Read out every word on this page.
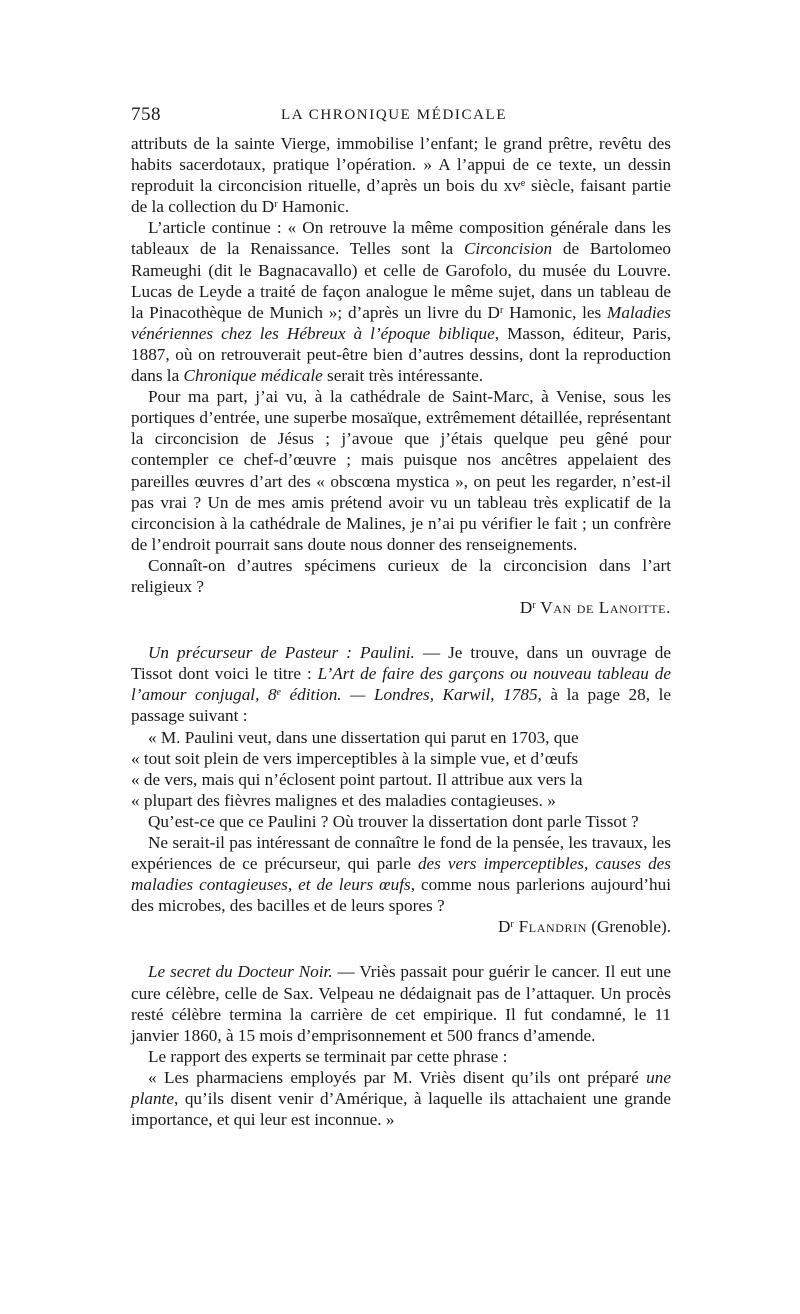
758	LA CHRONIQUE MÉDICALE

attributs de la sainte Vierge, immobilise l’enfant; le grand prêtre, revêtu des habits sacerdotaux, pratique l’opération. » A l’appui de ce texte, un dessin reproduit la circoncision rituelle, d’après un bois du $xv^e$ siècle, faisant partie de la collection du $D^r$ Hamonic.

L’article continue : « On retrouve la même composition générale dans les tableaux de la Renaissance. Telles sont la Circoncision de Bartolomeo Rameughi (dit le Bagnacavallo) et celle de Garofolo, du musée du Louvre. Lucas de Leyde a traité de façon analogue le même sujet, dans un tableau de la Pinacothèque de Munich »; d’après un livre du $D^r$ Hamonic, les Maladies vénériennes chez les Hébreux à l’époque biblique, Masson, éditeur, Paris, 1887, où on retrouverait peut-être bien d’autres dessins, dont la reproduction dans la Chronique médicale serait très intéressante.

Pour ma part, j’ai vu, à la cathédrale de Saint-Marc, à Venise, sous les portiques d’entrée, une superbe mosaïque, extrêmement détaillée, représentant la circoncision de Jésus ; j’avoue que j’étais quelque peu gêné pour contempler ce chef-d’œuvre ; mais puisque nos ancêtres appelaient des pareilles œuvres d’art des « obscœna mystica », on peut les regarder, n’est-il pas vrai ? Un de mes amis prétend avoir vu un tableau très explicatif de la circoncision à la cathédrale de Malines, je n’ai pu vérifier le fait ; un confrère de l’endroit pourrait sans doute nous donner des renseignements.

Connaît-on d’autres spécimens curieux de la circoncision dans l’art religieux ?

$D^r$ Van de Lanoitte.

Un précurseur de Pasteur : Paulini. — Je trouve, dans un ouvrage de Tissot dont voici le titre : L’Art de faire des garçons ou nouveau tableau de l’amour conjugal, 8e édition. — Londres, Karwil, 1785, à la page 28, le passage suivant :

« M. Paulini veut, dans une dissertation qui parut en 1703, que

« tout soit plein de vers imperceptibles à la simple vue, et d’œufs

« de vers, mais qui n’éclosent point partout. Il attribue aux vers la

« plupart des fièvres malignes et des maladies contagieuses. »

Qu’est-ce que ce Paulini ? Où trouver la dissertation dont parle Tissot ?

Ne serait-il pas intéressant de connaître le fond de la pensée, les travaux, les expériences de ce précurseur, qui parle des vers imperceptibles, causes des maladies contagieuses, et de leurs œufs, comme nous parlerions aujourd’hui des microbes, des bacilles et de leurs spores ?

$D^r$ Flandrin (Grenoble).

Le secret du Docteur Noir. — Vriès passait pour guérir le cancer. Il eut une cure célèbre, celle de Sax. Velpeau ne dédaignait pas de l’attaquer. Un procès resté célèbre termina la carrière de cet empirique. Il fut condamné, le 11 janvier 1860, à 15 mois d’emprisonnement et 500 francs d’amende.

Le rapport des experts se terminait par cette phrase :

« Les pharmaciens employés par M. Vriès disent qu’ils ont préparé une plante, qu’ils disent venir d’Amérique, à laquelle ils attachaient une grande importance, et qui leur est inconnue. »
